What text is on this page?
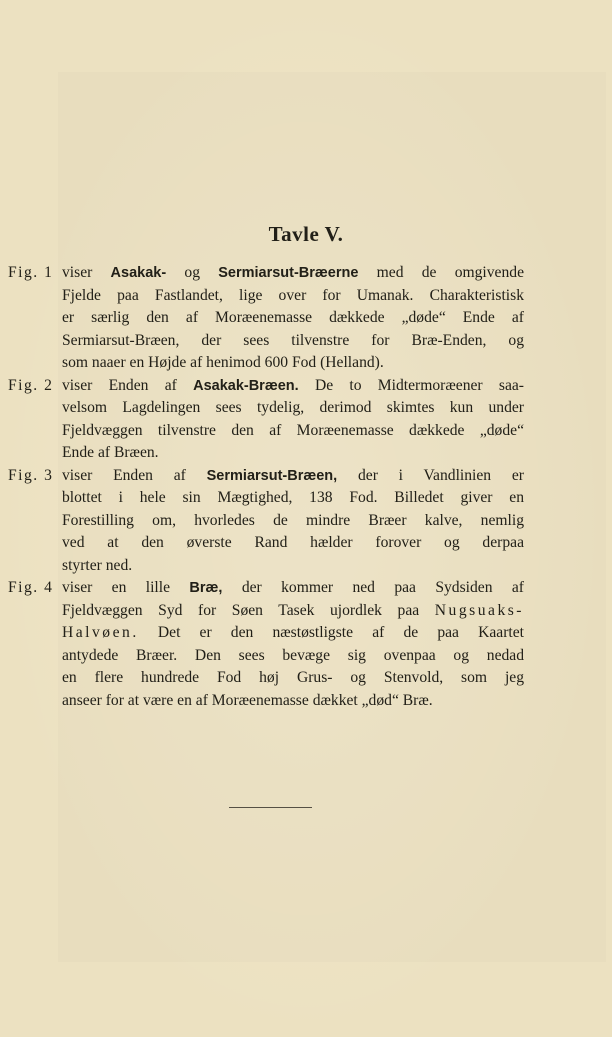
Tavle V.

Fig. 1 viser Asakak- og Sermiarsut-Bræerne med de omgivende
Fjelde paa Fastlandet, lige over for Umanak. Charakteristisk
er særlig den af Moræenemasse dækkede „døde“ Ende af
Sermiarsut-Bræen, der sees tilvenstre for Bræ-Enden, og
som naaer en Højde af henimod 600 Fod (Helland).

Fig. 2 viser Enden af Asakak-Bræen. De to Midtermoræener saa-
velsom Lagdelingen sees tydelig, derimod skimtes kun under
Fjeldvæggen tilvenstre den af Moræenemasse dækkede „døde“
Ende af Bræen.

Fig. 3 viser Enden af Sermiarsut-Bræen, der i Vandlinien er
blottet i hele sin Mægtighed, 138 Fod. Billedet giver en
Forestilling om, hvorledes de mindre Bræer kalve, nemlig
ved at den øverste Rand hælder forover og derpaa
styrter ned.

Fig. 4 viser en lille Bræ, der kommer ned paa Sydsiden af
Fjeldvæggen Syd for Søen Tasek ujordlek paa Nugsuaks-
Halvøen. Det er den næstøstligste af de paa Kaartet
antydede Bræer. Den sees bevæge sig ovenpaa og nedad
en flere hundrede Fod høj Grus- og Stenvold, som jeg
anseer for at være en af Moræenemasse dækket „død“ Bræ.
